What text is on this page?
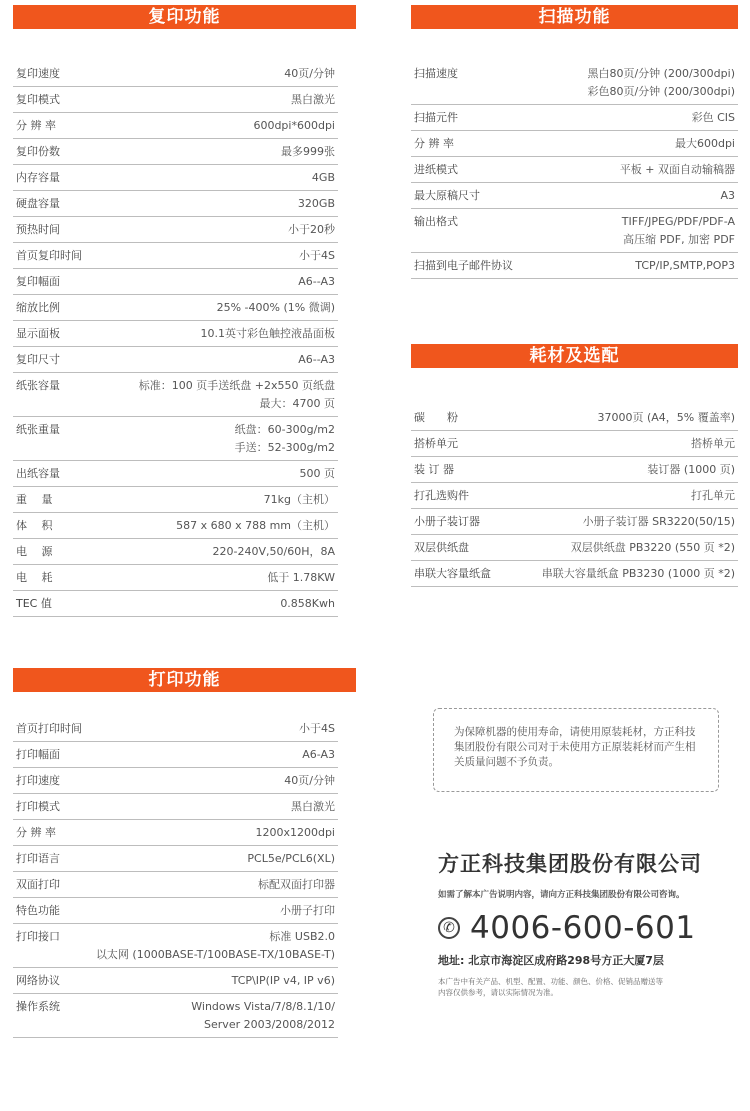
复印功能
复印速度	40页/分钟
复印模式	黑白激光
分 辨 率	600dpi*600dpi
复印份数	最多999张
内存容量	4GB
硬盘容量	320GB
预热时间	小于20秒
首页复印时间	小于4S
复印幅面	A6--A3
缩放比例	25% -400% (1% 微调)
显示面板	10.1英寸彩色触控液晶面板
复印尺寸	A6--A3
纸张容量	标准：100 页手送纸盘 +2x550 页纸盘
最大：4700 页
纸张重量	纸盘：60-300g/m2
手送：52-300g/m2
出纸容量	500 页
重　 量	71kg（主机）
体　 积	587 x 680 x 788 mm（主机）
电　 源	220-240V,50/60H，8A
电　 耗	低于 1.78KW
TEC 值	0.858Kwh
扫描功能
扫描速度	黑白80页/分钟 (200/300dpi)
彩色80页/分钟 (200/300dpi)
扫描元件	彩色 CIS
分 辨 率	最大600dpi
进纸模式	平板 + 双面自动输稿器
最大原稿尺寸	A3
输出格式	TIFF/JPEG/PDF/PDF-A
高压缩 PDF, 加密 PDF
扫描到电子邮件协议	TCP/IP,SMTP,POP3
耗材及选配
碳　　粉	37000页 (A4，5% 覆盖率)
搭桥单元	搭桥单元
装 订 器	装订器 (1000 页)
打孔选购件	打孔单元
小册子装订器	小册子装订器 SR3220(50/15)
双层供纸盘	双层供纸盘 PB3220 (550 页 *2)
串联大容量纸盒	串联大容量纸盒 PB3230 (1000 页 *2)
打印功能
首页打印时间	小于4S
打印幅面	A6-A3
打印速度	40页/分钟
打印模式	黑白激光
分 辨 率	1200x1200dpi
打印语言	PCL5e/PCL6(XL)
双面打印	标配双面打印器
特色功能	小册子打印
打印接口	标准 USB2.0
以太网 (1000BASE-T/100BASE-TX/10BASE-T)
网络协议	TCP\IP(IP v4, IP v6)
操作系统	Windows Vista/7/8/8.1/10/
Server 2003/2008/2012
为保障机器的使用寿命，请使用原装耗材，方正科技集团股份有限公司对于未使用方正原装耗材而产生相关质量问题不予负责。
方正科技集团股份有限公司
如需了解本广告说明内容，请向方正科技集团股份有限公司咨询。
✆ 4006-600-601
地址: 北京市海淀区成府路298号方正大厦7层
本广告中有关产品、机型、配置、功能、颜色、价格、促销品赠送等内容仅供参考，请以实际情况为准。
